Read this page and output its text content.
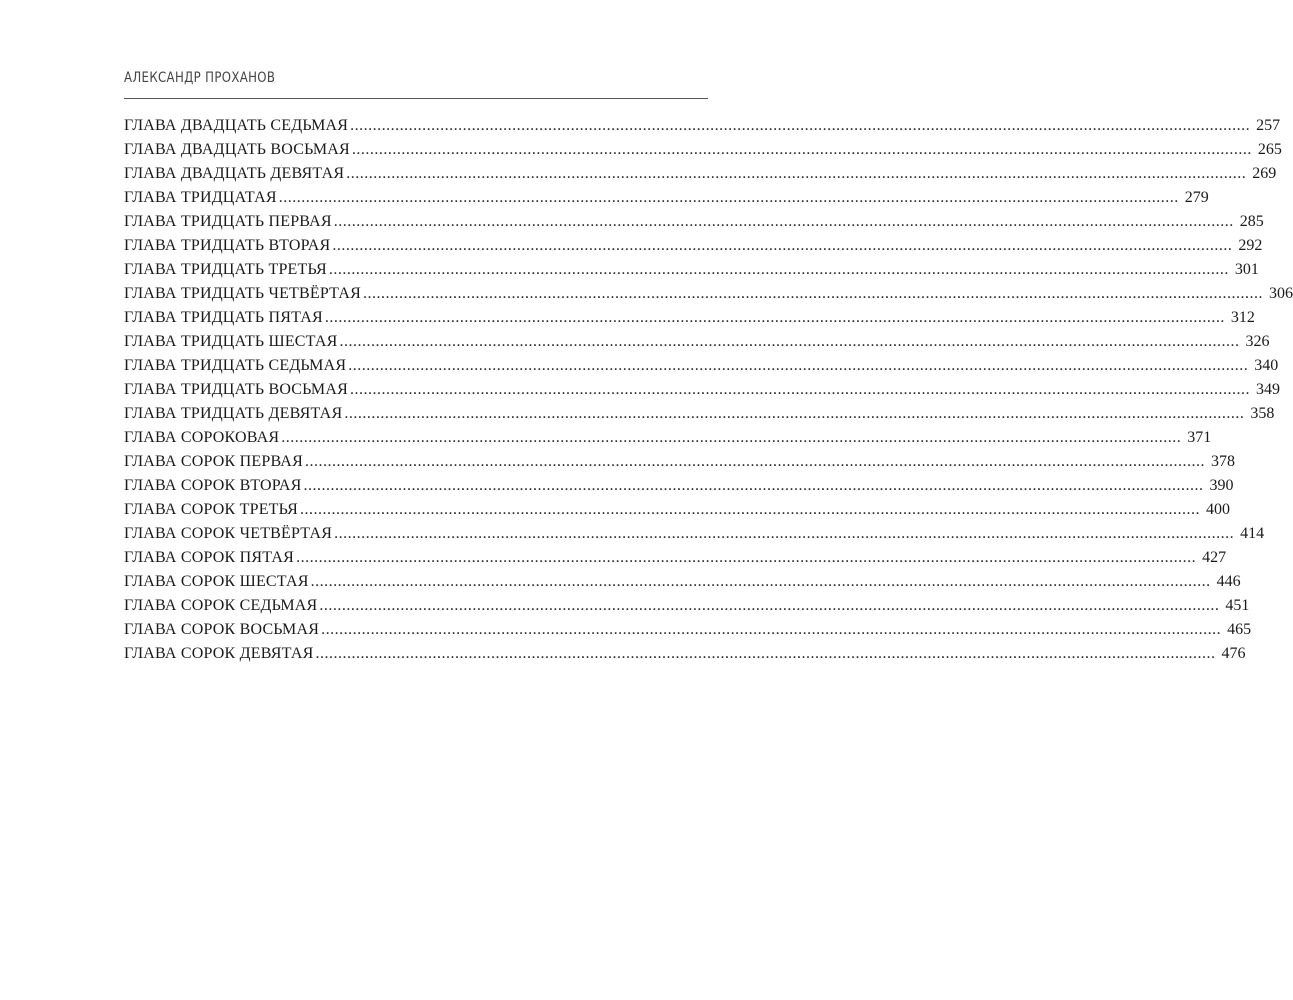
АЛЕКСАНДР ПРОХАНОВ
ГЛАВА ДВАДЦАТЬ СЕДЬМАЯ ........................................................................................................................................................................................................ 257
ГЛАВА ДВАДЦАТЬ ВОСЬМАЯ ........................................................................................................................................................................................................ 265
ГЛАВА ДВАДЦАТЬ ДЕВЯТАЯ ........................................................................................................................................................................................................ 269
ГЛАВА ТРИДЦАТАЯ ........................................................................................................................................................................................................ 279
ГЛАВА ТРИДЦАТЬ ПЕРВАЯ ........................................................................................................................................................................................................ 285
ГЛАВА ТРИДЦАТЬ ВТОРАЯ ........................................................................................................................................................................................................ 292
ГЛАВА ТРИДЦАТЬ ТРЕТЬЯ ........................................................................................................................................................................................................ 301
ГЛАВА ТРИДЦАТЬ ЧЕТВЁРТАЯ ........................................................................................................................................................................................................ 306
ГЛАВА ТРИДЦАТЬ ПЯТАЯ ........................................................................................................................................................................................................ 312
ГЛАВА ТРИДЦАТЬ ШЕСТАЯ ........................................................................................................................................................................................................ 326
ГЛАВА ТРИДЦАТЬ СЕДЬМАЯ ........................................................................................................................................................................................................ 340
ГЛАВА ТРИДЦАТЬ ВОСЬМАЯ ........................................................................................................................................................................................................ 349
ГЛАВА ТРИДЦАТЬ ДЕВЯТАЯ ........................................................................................................................................................................................................ 358
ГЛАВА СОРОКОВАЯ ........................................................................................................................................................................................................ 371
ГЛАВА СОРОК ПЕРВАЯ ........................................................................................................................................................................................................ 378
ГЛАВА СОРОК ВТОРАЯ ........................................................................................................................................................................................................ 390
ГЛАВА СОРОК ТРЕТЬЯ ........................................................................................................................................................................................................ 400
ГЛАВА СОРОК ЧЕТВЁРТАЯ ........................................................................................................................................................................................................ 414
ГЛАВА СОРОК ПЯТАЯ ........................................................................................................................................................................................................ 427
ГЛАВА СОРОК ШЕСТАЯ ........................................................................................................................................................................................................ 446
ГЛАВА СОРОК СЕДЬМАЯ ........................................................................................................................................................................................................ 451
ГЛАВА СОРОК ВОСЬМАЯ ........................................................................................................................................................................................................ 465
ГЛАВА СОРОК ДЕВЯТАЯ ........................................................................................................................................................................................................ 476
